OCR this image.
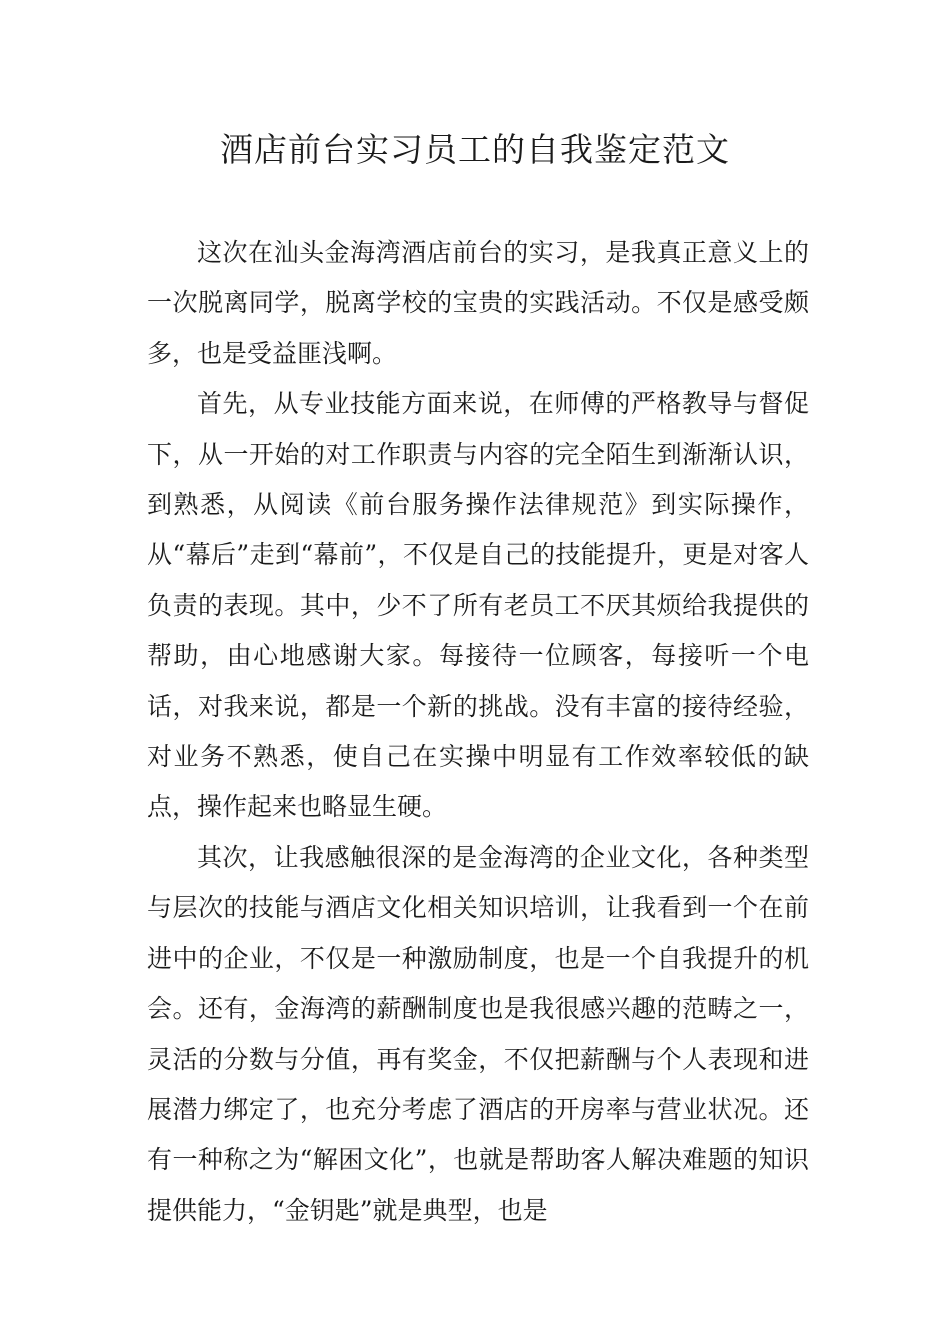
酒店前台实习员工的自我鉴定范文

这次在汕头金海湾酒店前台的实习，是我真正意义上的一次脱离同学，脱离学校的宝贵的实践活动。不仅是感受颇多，也是受益匪浅啊。

首先，从专业技能方面来说，在师傅的严格教导与督促下，从一开始的对工作职责与内容的完全陌生到渐渐认识，到熟悉，从阅读《前台服务操作法律规范》到实际操作，从“幕后”走到“幕前”，不仅是自己的技能提升，更是对客人负责的表现。其中，少不了所有老员工不厌其烦给我提供的帮助，由心地感谢大家。每接待一位顾客，每接听一个电话，对我来说，都是一个新的挑战。没有丰富的接待经验，对业务不熟悉，使自己在实操中明显有工作效率较低的缺点，操作起来也略显生硬。

其次，让我感触很深的是金海湾的企业文化，各种类型与层次的技能与酒店文化相关知识培训，让我看到一个在前进中的企业，不仅是一种激励制度，也是一个自我提升的机会。还有，金海湾的薪酬制度也是我很感兴趣的范畴之一，灵活的分数与分值，再有奖金，不仅把薪酬与个人表现和进展潜力绑定了，也充分考虑了酒店的开房率与营业状况。还有一种称之为“解困文化”，也就是帮助客人解决难题的知识提供能力，“金钥匙”就是典型，也是
